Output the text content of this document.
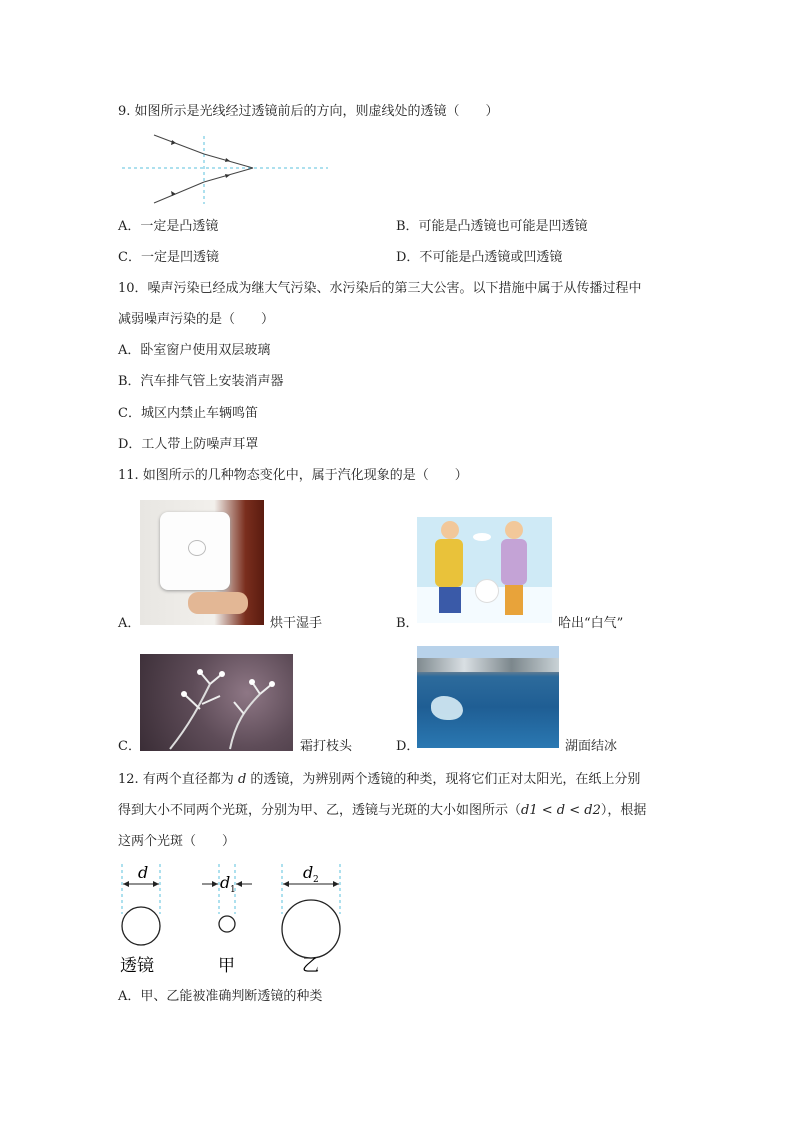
9. 如图所示是光线经过透镜前后的方向，则虚线处的透镜（　　）
A．一定是凸透镜	B．可能是凸透镜也可能是凹透镜
C．一定是凹透镜	D．不可能是凸透镜或凹透镜
10．噪声污染已经成为继大气污染、水污染后的第三大公害。以下措施中属于从传播过程中
减弱噪声污染的是（　　）
A．卧室窗户使用双层玻璃
B．汽车排气管上安装消声器
C．城区内禁止车辆鸣笛
D．工人带上防噪声耳罩
11. 如图所示的几种物态变化中，属于汽化现象的是（　　）
A．	烘干湿手	B．	哈出“白气”
C．	霜打枝头	D．	湖面结冰
12. 有两个直径都为 d 的透镜，为辨别两个透镜的种类，现将它们正对太阳光，在纸上分别
得到大小不同两个光斑，分别为甲、乙，透镜与光斑的大小如图所示（d1 < d < d2），根据
这两个光斑（　　）
d
透镜
d 1
甲
d 2
乙
A．甲、乙能被准确判断透镜的种类
